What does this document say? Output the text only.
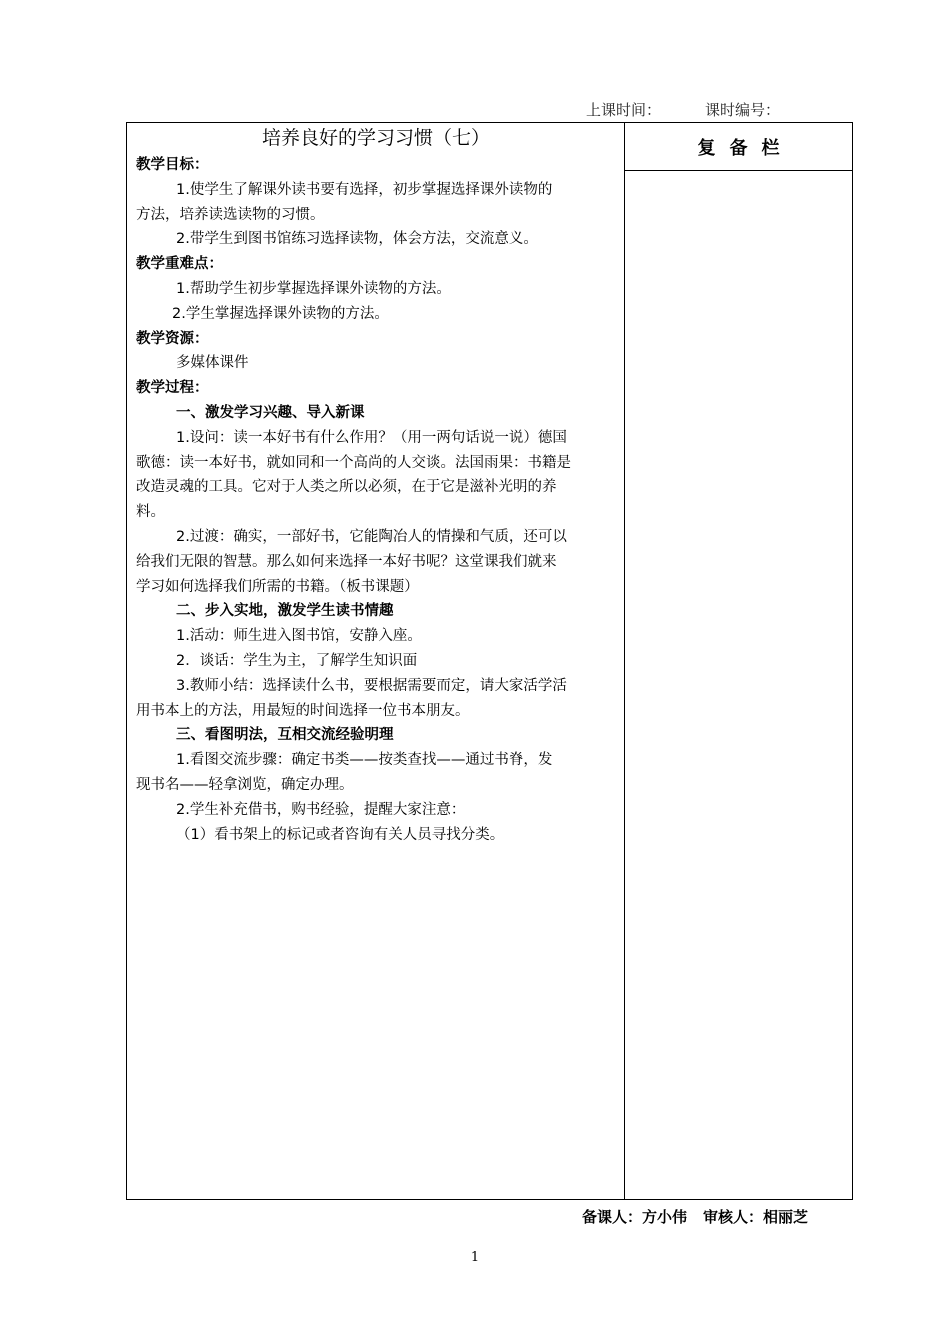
上课时间：	课时编号：
复备栏
培养良好的学习习惯（七）
教学目标：
1.使学生了解课外读书要有选择，初步掌握选择课外读物的
方法，培养读选读物的习惯。
2.带学生到图书馆练习选择读物，体会方法，交流意义。
教学重难点：
1.帮助学生初步掌握选择课外读物的方法。
2.学生掌握选择课外读物的方法。
教学资源：
多媒体课件
教学过程：
一、激发学习兴趣、导入新课
1.设问：读一本好书有什么作用？（用一两句话说一说）德国
歌德：读一本好书，就如同和一个高尚的人交谈。法国雨果：书籍是
改造灵魂的工具。它对于人类之所以必须，在于它是滋补光明的养
料。
2.过渡：确实，一部好书，它能陶冶人的情操和气质，还可以
给我们无限的智慧。那么如何来选择一本好书呢？这堂课我们就来
学习如何选择我们所需的书籍。（板书课题）
二、步入实地，激发学生读书情趣
1.活动：师生进入图书馆，安静入座。
2．谈话：学生为主，了解学生知识面
3.教师小结：选择读什么书，要根据需要而定，请大家活学活
用书本上的方法，用最短的时间选择一位书本朋友。
三、看图明法，互相交流经验明理
1.看图交流步骤：确定书类——按类查找——通过书脊，发
现书名——轻拿浏览，确定办理。
2.学生补充借书，购书经验，提醒大家注意：
（1）看书架上的标记或者咨询有关人员寻找分类。
备课人：方小伟 审核人：相丽芝
1
